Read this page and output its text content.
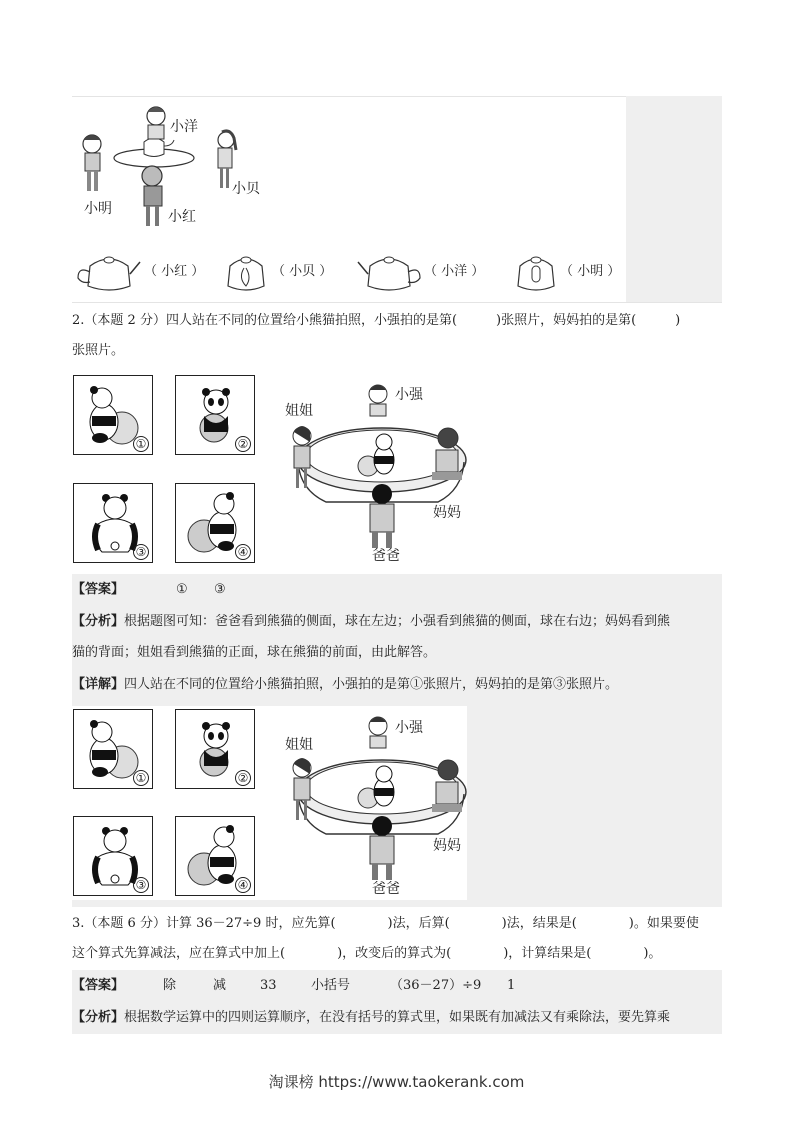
小洋
小贝
小明	小红
（ 小红 ）	（ 小贝 ）	（ 小洋 ）	（ 小明 ）
2.（本题 2 分）四人站在不同的位置给小熊猫拍照，小强拍的是第(　　　)张照片，妈妈拍的是第(　　　)
张照片。
①	②
③	④
小强
姐姐
妈妈
爸爸
【答案】	① ③
【分析】 根据题图可知：爸爸看到熊猫的侧面，球在左边；小强看到熊猫的侧面，球在右边；妈妈看到熊
猫的背面；姐姐看到熊猫的正面，球在熊猫的前面，由此解答。
【详解】 四人站在不同的位置给小熊猫拍照，小强拍的是第①张照片，妈妈拍的是第③张照片。
①	②
③	④
小强
姐姐
妈妈
爸爸
3.（本题 6 分）计算 36－27÷9 时，应先算(　　　　)法，后算(　　　　)法，结果是(　　　　)。如果要使
这个算式先算减法，应在算式中加上(　　　　)，改变后的算式为(　　　　)，计算结果是(　　　　)。
【答案】	除	减	33	小括号	（36－27）÷9 1
【分析】 根据数学运算中的四则运算顺序，在没有括号的算式里，如果既有加减法又有乘除法，要先算乘
淘课榜 https://www.taokerank.com
